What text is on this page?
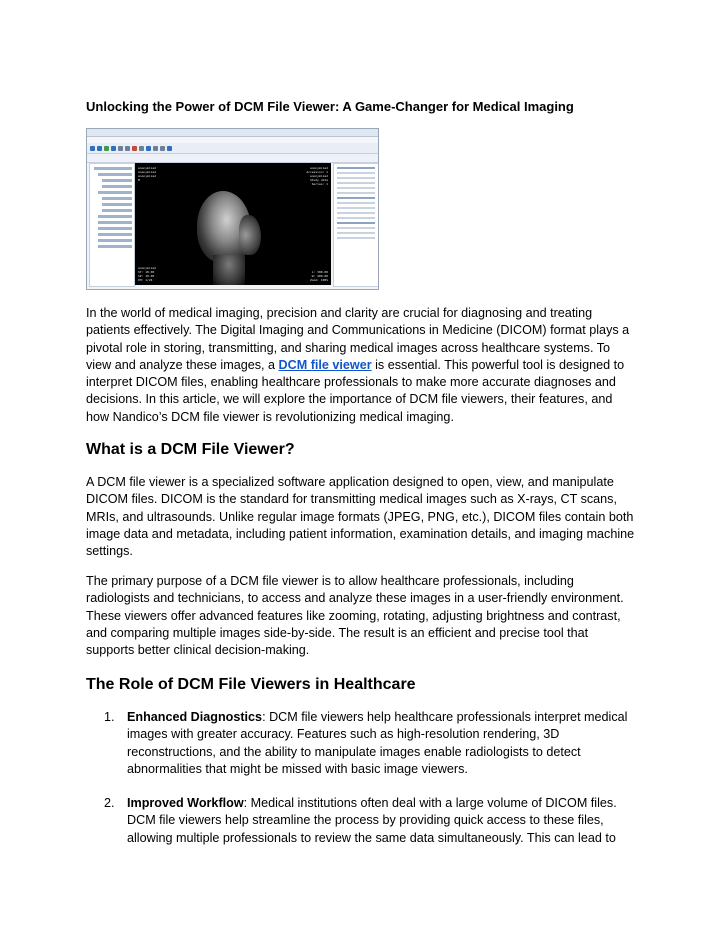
Unlocking the Power of DCM File Viewer: A Game-Changer for Medical Imaging
anonymized
anonymized
anonymized
M
anonymized
Accession: 1
anonymized
Study date
Series: 1
anonymized
ST: 10.00
SP: 10.00
IM: 1/24
L: 300.00
W: 400.00
Zoom: 100%

In the world of medical imaging, precision and clarity are crucial for diagnosing and treating patients effectively. The Digital Imaging and Communications in Medicine (DICOM) format plays a pivotal role in storing, transmitting, and sharing medical images across healthcare systems. To view and analyze these images, a DCM file viewer is essential. This powerful tool is designed to interpret DICOM files, enabling healthcare professionals to make more accurate diagnoses and decisions. In this article, we will explore the importance of DCM file viewers, their features, and how Nandico’s DCM file viewer is revolutionizing medical imaging.

What is a DCM File Viewer?

A DCM file viewer is a specialized software application designed to open, view, and manipulate DICOM files. DICOM is the standard for transmitting medical images such as X-rays, CT scans, MRIs, and ultrasounds. Unlike regular image formats (JPEG, PNG, etc.), DICOM files contain both image data and metadata, including patient information, examination details, and imaging machine settings.

The primary purpose of a DCM file viewer is to allow healthcare professionals, including radiologists and technicians, to access and analyze these images in a user-friendly environment. These viewers offer advanced features like zooming, rotating, adjusting brightness and contrast, and comparing multiple images side-by-side. The result is an efficient and precise tool that supports better clinical decision-making.

The Role of DCM File Viewers in Healthcare
1. Enhanced Diagnostics: DCM file viewers help healthcare professionals interpret medical images with greater accuracy. Features such as high-resolution rendering, 3D reconstructions, and the ability to manipulate images enable radiologists to detect abnormalities that might be missed with basic image viewers.
2. Improved Workflow: Medical institutions often deal with a large volume of DICOM files. DCM file viewers help streamline the process by providing quick access to these files, allowing multiple professionals to review the same data simultaneously. This can lead to
